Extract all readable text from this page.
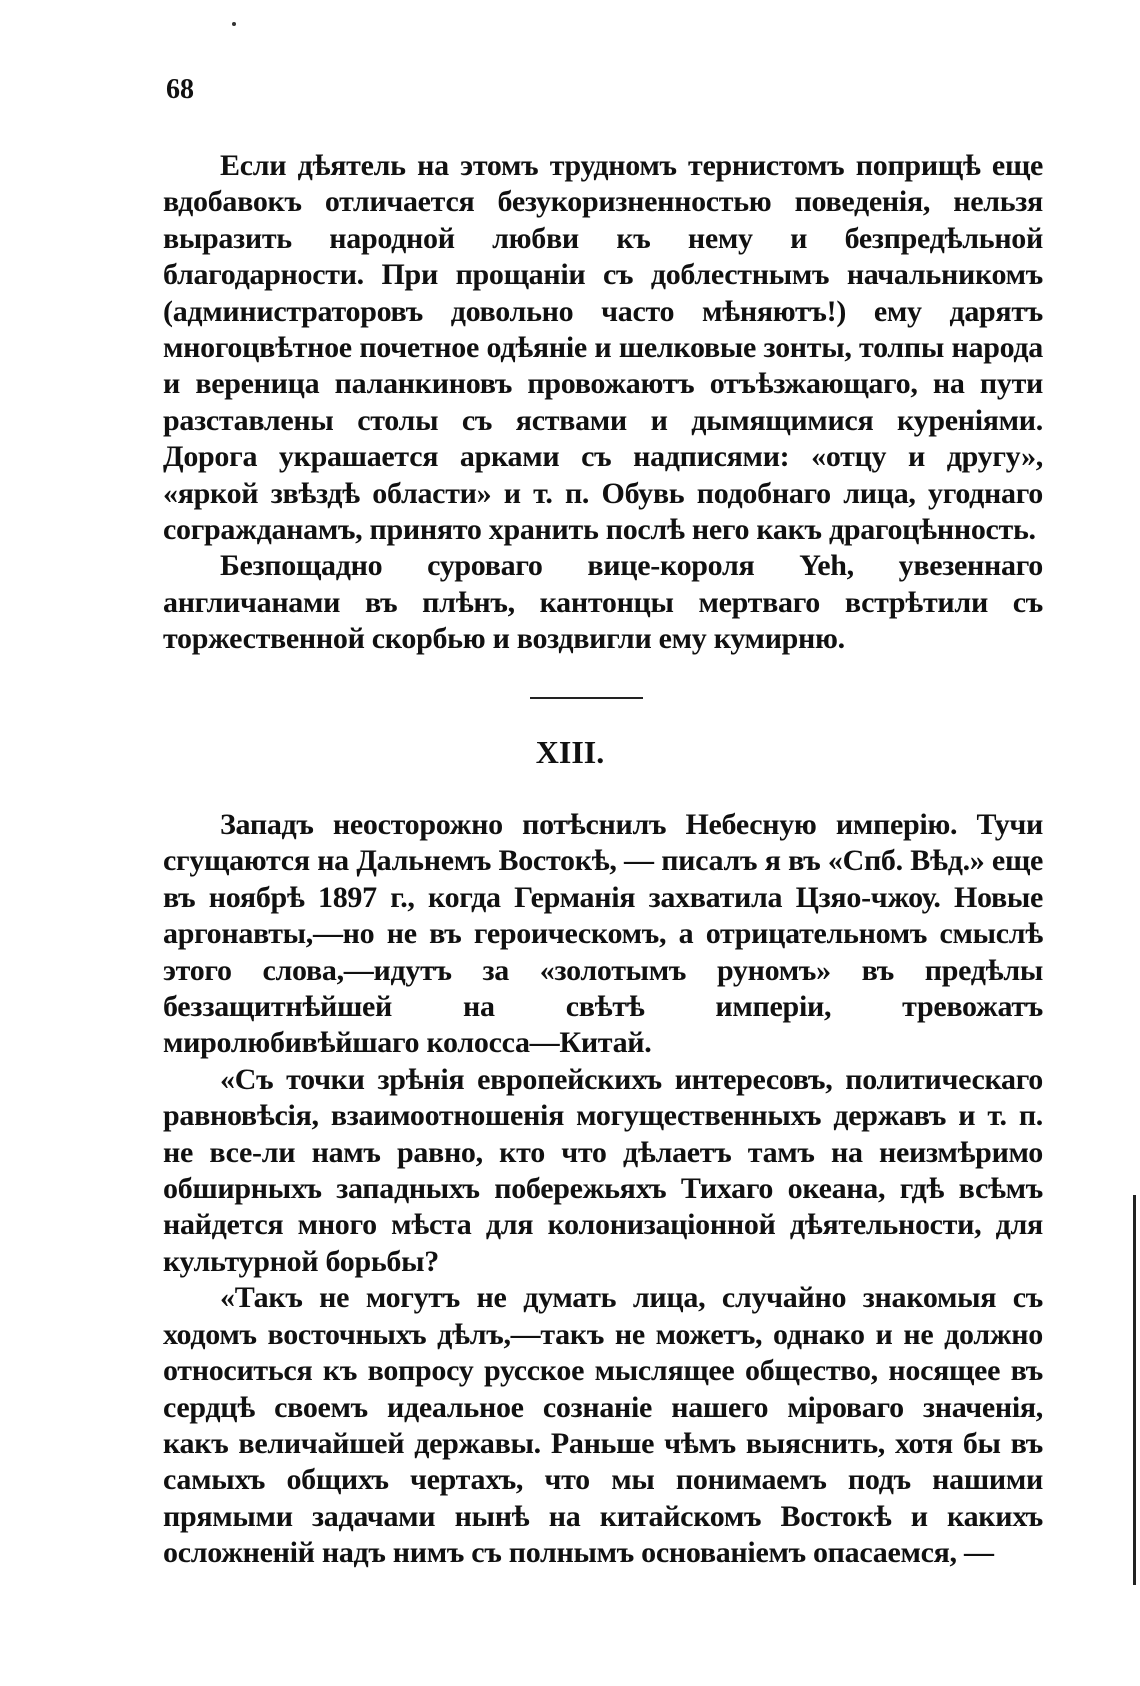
68

Если дѣятель на этомъ трудномъ тернистомъ поприщѣ еще вдобавокъ отличается безукоризненностью поведенія, нельзя выразить народной любви къ нему и безпредѣльной благодарности. При прощаніи съ доблестнымъ начальникомъ (администраторовъ довольно часто мѣняютъ!) ему дарятъ многоцвѣтное почетное одѣяніе и шелковые зонты, толпы народа и вереница паланкиновъ провожаютъ отъѣзжающаго, на пути разставлены столы съ яствами и дымящимися куреніями. Дорога украшается арками съ надписями: «отцу и другу», «яркой звѣздѣ области» и т. п. Обувь подобнаго лица, угоднаго согражданамъ, принято хранить послѣ него какъ драгоцѣнность.

Безпощадно суроваго вице-короля Yeh, увезеннаго англичанами въ плѣнъ, кантонцы мертваго встрѣтили съ торжественной скорбью и воздвигли ему кумирню.

XIII.

Западъ неосторожно потѣснилъ Небесную имперію. Тучи сгущаются на Дальнемъ Востокѣ, — писалъ я въ «Спб. Вѣд.» еще въ ноябрѣ 1897 г., когда Германія захватила Цзяо-чжоу. Новые аргонавты,—но не въ героическомъ, а отрицательномъ смыслѣ этого слова,—идутъ за «золотымъ руномъ» въ предѣлы беззащитнѣйшей на свѣтѣ имперіи, тревожатъ миролюбивѣйшаго колосса—Китай.

«Съ точки зрѣнія европейскихъ интересовъ, политическаго равновѣсія, взаимоотношенія могущественныхъ державъ и т. п. не все-ли намъ равно, кто что дѣлаетъ тамъ на неизмѣримо обширныхъ западныхъ побережьяхъ Тихаго океана, гдѣ всѣмъ найдется много мѣста для колонизаціонной дѣятельности, для культурной борьбы?

«Такъ не могутъ не думать лица, случайно знакомыя съ ходомъ восточныхъ дѣлъ,—такъ не можетъ, однако и не должно относиться къ вопросу русское мыслящее общество, носящее въ сердцѣ своемъ идеальное сознаніе нашего міроваго значенія, какъ величайшей державы. Раньше чѣмъ выяснить, хотя бы въ самыхъ общихъ чертахъ, что мы понимаемъ подъ нашими прямыми задачами нынѣ на китайскомъ Востокѣ и какихъ осложненій надъ нимъ съ полнымъ основаніемъ опасаемся, —
